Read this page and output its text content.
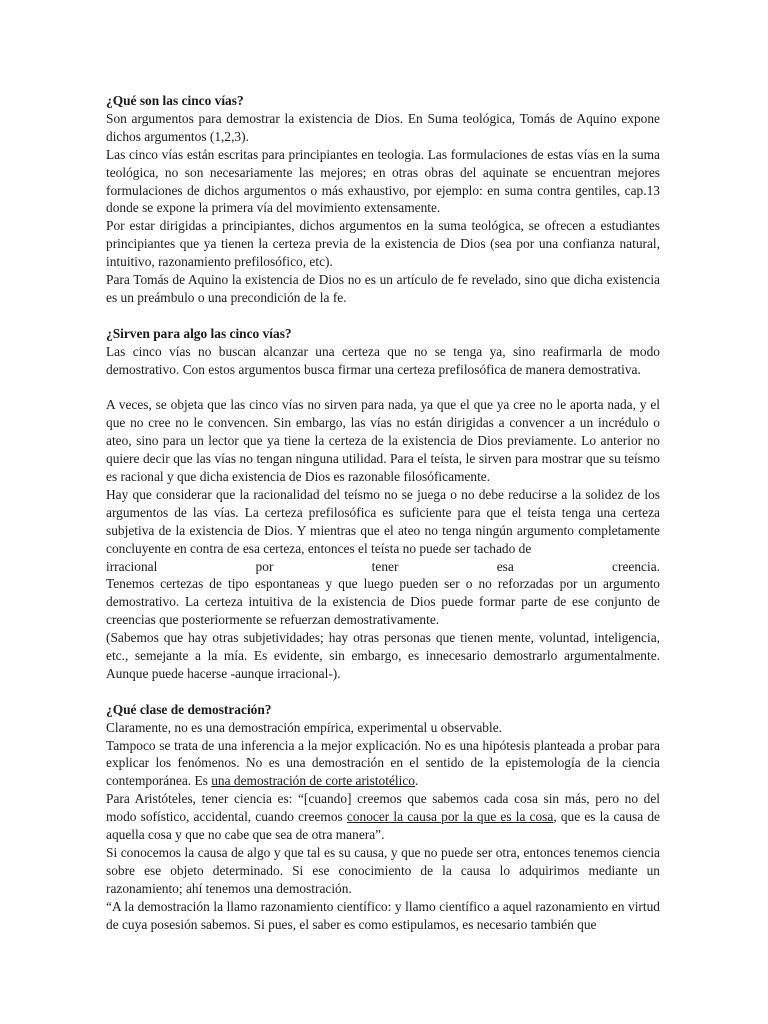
¿Qué son las cinco vías?

Son argumentos para demostrar la existencia de Dios. En Suma teológica, Tomás de Aquino expone dichos argumentos (1,2,3).

Las cinco vías están escritas para principiantes en teologia. Las formulaciones de estas vías en la suma teológica, no son necesariamente las mejores; en otras obras del aquinate se encuentran mejores formulaciones de dichos argumentos o más exhaustivo, por ejemplo: en suma contra gentiles, cap.13 donde se expone la primera vía del movimiento extensamente.

Por estar dirigidas a principiantes, dichos argumentos en la suma teológica, se ofrecen a estudiantes principiantes que ya tienen la certeza previa de la existencia de Dios (sea por una confianza natural, intuitivo, razonamiento prefilosófico, etc).

Para Tomás de Aquino la existencia de Dios no es un artículo de fe revelado, sino que dicha existencia es un preámbulo o una precondición de la fe.

¿Sirven para algo las cinco vías?

Las cinco vías no buscan alcanzar una certeza que no se tenga ya, sino reafirmarla de modo demostrativo. Con estos argumentos busca firmar una certeza prefilosófica de manera demostrativa.

A veces, se objeta que las cinco vías no sirven para nada, ya que el que ya cree no le aporta nada, y el que no cree no le convencen. Sin embargo, las vías no están dirigidas a convencer a un incrédulo o ateo, sino para un lector que ya tiene la certeza de la existencia de Dios previamente. Lo anterior no quiere decir que las vías no tengan ninguna utilidad. Para el teísta, le sirven para mostrar que su teísmo es racional y que dicha existencia de Dios es razonable filosóficamente.

Hay que considerar que la racionalidad del teísmo no se juega o no debe reducirse a la solidez de los argumentos de las vías. La certeza prefilosófica es suficiente para que el teísta tenga una certeza subjetiva de la existencia de Dios. Y mientras que el ateo no tenga ningún argumento completamente concluyente en contra de esa certeza, entonces el teísta no puede ser tachado de

irracional por tener esa creencia.

Tenemos certezas de tipo espontaneas y que luego pueden ser o no reforzadas por un argumento demostrativo. La certeza intuitiva de la existencia de Dios puede formar parte de ese conjunto de creencias que posteriormente se refuerzan demostrativamente.

(Sabemos que hay otras subjetividades; hay otras personas que tienen mente, voluntad, inteligencia, etc., semejante a la mía. Es evidente, sin embargo, es innecesario demostrarlo argumentalmente. Aunque puede hacerse -aunque irracional-).

¿Qué clase de demostración?

Claramente, no es una demostración empírica, experimental u observable.

Tampoco se trata de una inferencia a la mejor explicación. No es una hipótesis planteada a probar para explicar los fenómenos. No es una demostración en el sentido de la epistemología de la ciencia contemporánea. Es una demostración de corte aristotélico.

Para Aristóteles, tener ciencia es: “[cuando] creemos que sabemos cada cosa sin más, pero no del modo sofístico, accidental, cuando creemos conocer la causa por la que es la cosa, que es la causa de aquella cosa y que no cabe que sea de otra manera”.

Si conocemos la causa de algo y que tal es su causa, y que no puede ser otra, entonces tenemos ciencia sobre ese objeto determinado. Si ese conocimiento de la causa lo adquirimos mediante un razonamiento; ahí tenemos una demostración.

“A la demostración la llamo razonamiento científico: y llamo científico a aquel razonamiento en virtud de cuya posesión sabemos. Si pues, el saber es como estipulamos, es necesario también que
